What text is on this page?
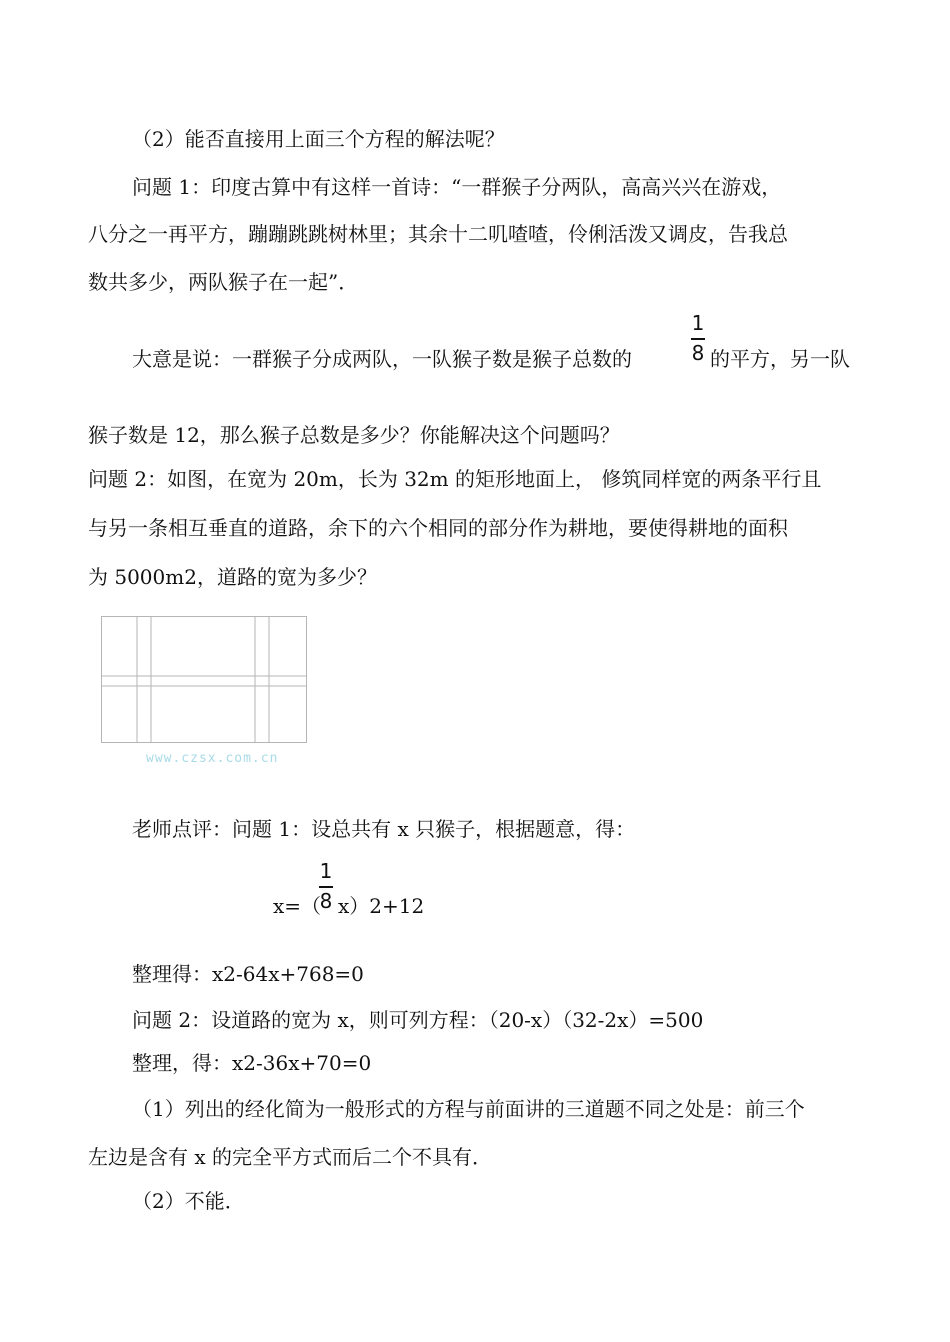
（2）能否直接用上面三个方程的解法呢？
问题 1：印度古算中有这样一首诗：“一群猴子分两队，高高兴兴在游戏，
八分之一再平方，蹦蹦跳跳树林里；其余十二叽喳喳，伶俐活泼又调皮，告我总
数共多少，两队猴子在一起”．
大意是说：一群猴子分成两队，一队猴子数是猴子总数的
1
8 的平方，另一队
猴子数是 12，那么猴子总数是多少？你能解决这个问题吗？
问题 2：如图，在宽为 20m，长为 32m 的矩形地面上， 修筑同样宽的两条平行且
与另一条相互垂直的道路，余下的六个相同的部分作为耕地，要使得耕地的面积
为 5000m2，道路的宽为多少？
www.czsx.com.cn
老师点评：问题 1：设总共有 x 只猴子，根据题意，得：
x=（
1
8 x）2+12
整理得：x2-64x+768=0
问题 2：设道路的宽为 x，则可列方程：（20-x）（32-2x）=500
整理，得：x2-36x+70=0
（1）列出的经化简为一般形式的方程与前面讲的三道题不同之处是：前三个
左边是含有 x 的完全平方式而后二个不具有．
（2）不能．
